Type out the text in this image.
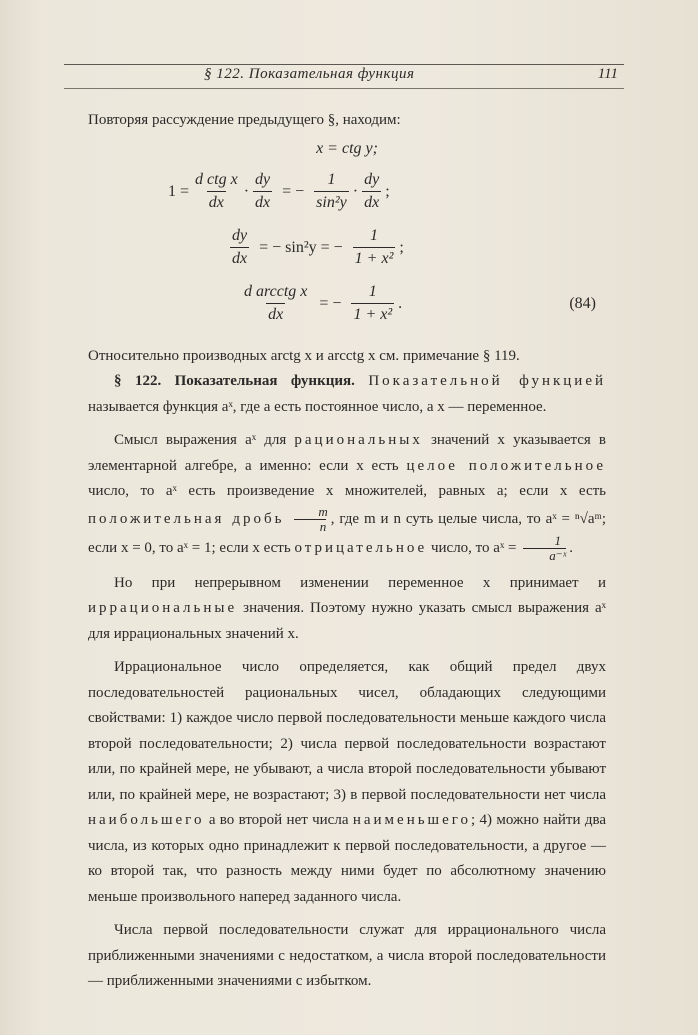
§ 122. Показательная функция	111

Повторяя рассуждение предыдущего §, находим:

x = ctg y;
$1 = \frac{\text{d ctg x}}{dx} \cdot \frac{dy}{dx}$ = − $\frac{1}{\text{sin²y}} \cdot \frac{dy}{dx}$ ;
$\frac{dy}{dx}$ = − sin²y = − $\frac{1}{\text{1 + x²}}$ ;
$\frac{\text{d arcctg x}}{dx}$ = − $\frac{1}{\text{1 + x²}}$ .	(84)

Относительно производных arctg x и arcctg x см. примечание § 119.

§ 122. Показательная функция. Показательной функцией называется функция aˣ, где a есть постоянное число, а x — переменное.

Смысл выражения aˣ для рациональных значений x указывается в элементарной алгебре, а именно: если x есть целое положительное число, то aˣ есть произведение x множителей, равных a; если x есть положительная дробь $\frac{m}{n}$ , где m и n суть целые числа, то aˣ = ⁿ√aᵐ; если x = 0, то aˣ = 1; если x есть отрицательное число, то aˣ = $\frac{1}{\text{a⁻ˣ}}$ .

Но при непрерывном изменении переменное x принимает и иррациональные значения. Поэтому нужно указать смысл выражения aˣ для иррациональных значений x.

Иррациональное число определяется, как общий предел двух последовательностей рациональных чисел, обладающих следующими свойствами: 1) каждое число первой последовательности меньше каждого числа второй последовательности; 2) числа первой последовательности возрастают или, по крайней мере, не убывают, а числа второй последовательности убывают или, по крайней мере, не возрастают; 3) в первой последовательности нет числа наибольшего а во второй нет числа наименьшего; 4) можно найти два числа, из которых одно принадлежит к первой последовательности, а другое — ко второй так, что разность между ними будет по абсолютному значению меньше произвольного наперед заданного числа.

Числа первой последовательности служат для иррационального числа приближенными значениями с недостатком, а числа второй последовательности — приближенными значениями с избытком.
